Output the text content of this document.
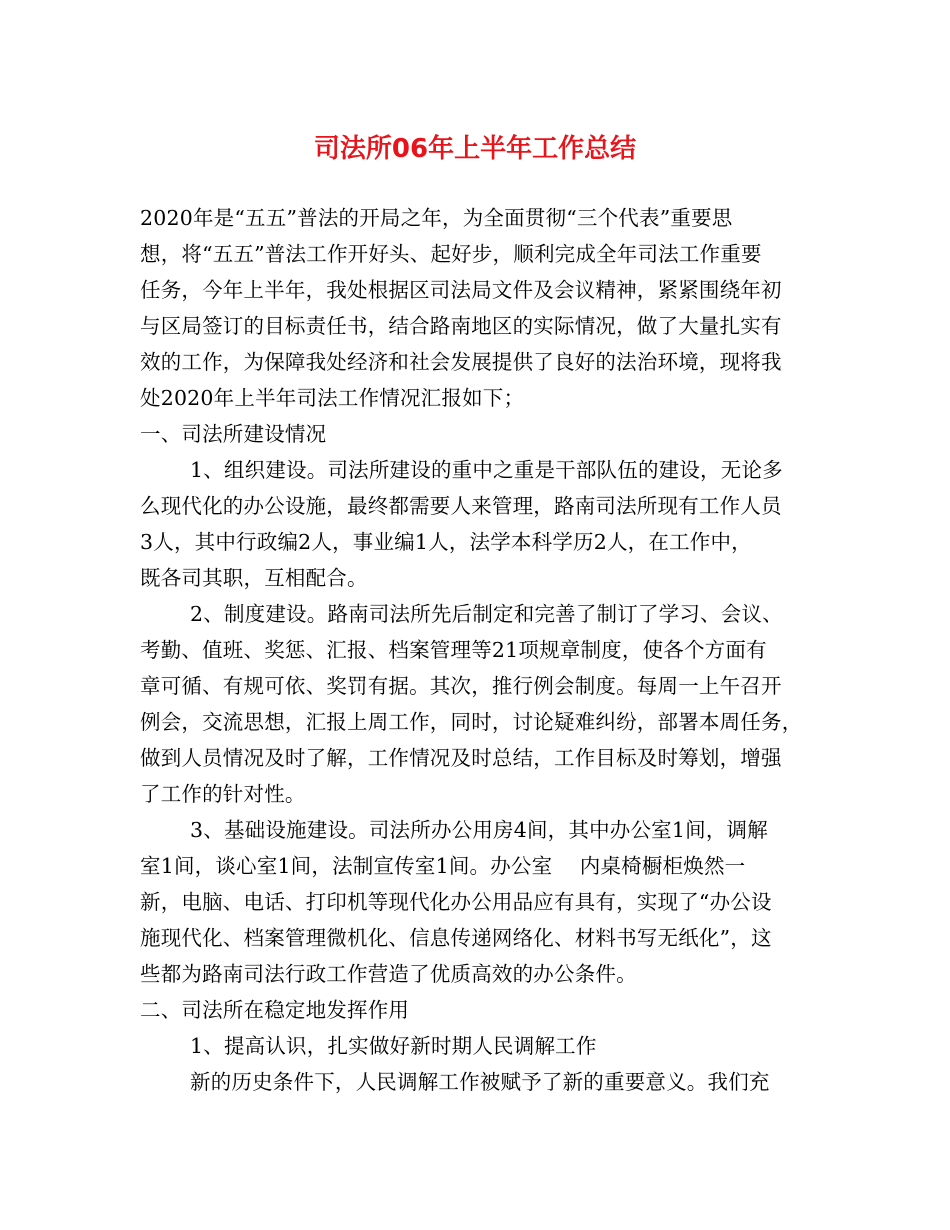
司法所06年上半年工作总结
2020年是“五五”普法的开局之年，为全面贯彻“三个代表”重要思
想，将“五五”普法工作开好头、起好步，顺利完成全年司法工作重要
任务，今年上半年，我处根据区司法局文件及会议精神，紧紧围绕年初
与区局签订的目标责任书，结合路南地区的实际情况，做了大量扎实有
效的工作，为保障我处经济和社会发展提供了良好的法治环境，现将我
处2020年上半年司法工作情况汇报如下；
一、司法所建设情况
1、组织建设。司法所建设的重中之重是干部队伍的建设，无论多
么现代化的办公设施，最终都需要人来管理，路南司法所现有工作人员
3人，其中行政编2人，事业编1人，法学本科学历2人，在工作中，
既各司其职，互相配合。
2、制度建设。路南司法所先后制定和完善了制订了学习、会议、
考勤、值班、奖惩、汇报、档案管理等21项规章制度，使各个方面有
章可循、有规可依、奖罚有据。其次，推行例会制度。每周一上午召开
例会，交流思想，汇报上周工作，同时，讨论疑难纠纷，部署本周任务，
做到人员情况及时了解，工作情况及时总结，工作目标及时筹划，增强
了工作的针对性。
3、基础设施建设。司法所办公用房4间，其中办公室1间，调解
室1间，谈心室1间，法制宣传室1间。办公室　 内桌椅橱柜焕然一
新，电脑、电话、打印机等现代化办公用品应有具有，实现了“办公设
施现代化、档案管理微机化、信息传递网络化、材料书写无纸化”，这
些都为路南司法行政工作营造了优质高效的办公条件。
二、司法所在稳定地发挥作用
1、提高认识，扎实做好新时期人民调解工作
新的历史条件下，人民调解工作被赋予了新的重要意义。我们充
